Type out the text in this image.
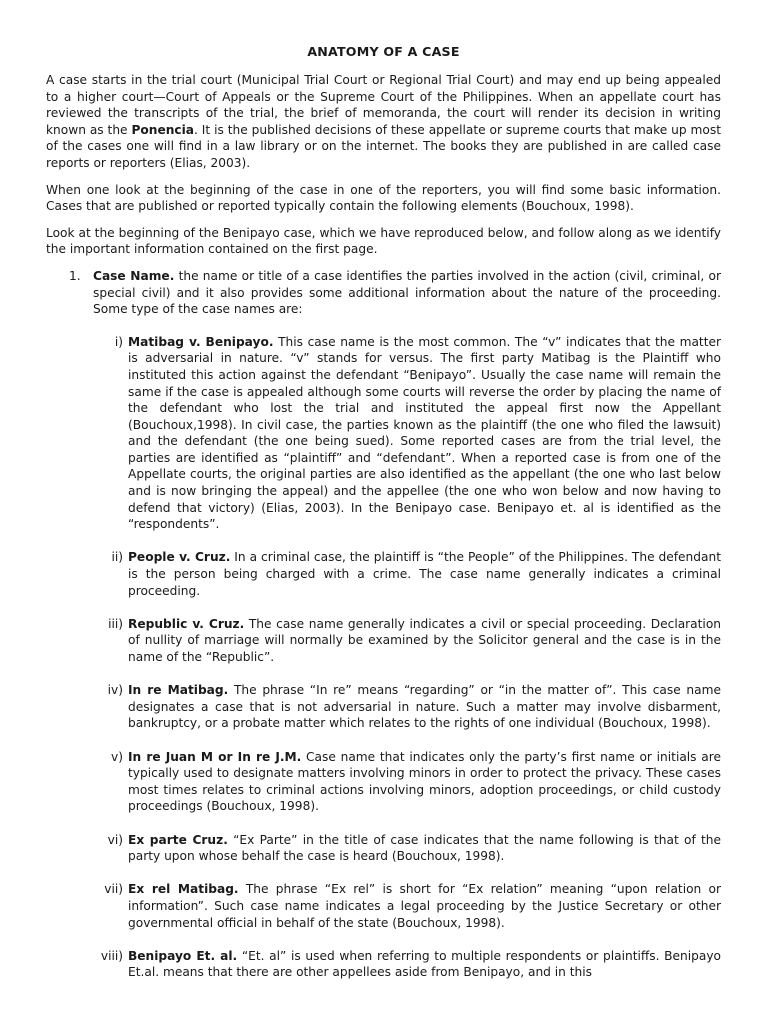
ANATOMY OF A CASE

A case starts in the trial court (Municipal Trial Court or Regional Trial Court) and may end up being appealed to a higher court—Court of Appeals or the Supreme Court of the Philippines. When an appellate court has reviewed the transcripts of the trial, the brief of memoranda, the court will render its decision in writing known as the Ponencia. It is the published decisions of these appellate or supreme courts that make up most of the cases one will find in a law library or on the internet. The books they are published in are called case reports or reporters (Elias, 2003).

When one look at the beginning of the case in one of the reporters, you will find some basic information. Cases that are published or reported typically contain the following elements (Bouchoux, 1998).

Look at the beginning of the Benipayo case, which we have reproduced below, and follow along as we identify the important information contained on the first page.

1. Case Name. the name or title of a case identifies the parties involved in the action (civil, criminal, or special civil) and it also provides some additional information about the nature of the proceeding. Some type of the case names are:
i) Matibag v. Benipayo. This case name is the most common. The “v” indicates that the matter is adversarial in nature. “v” stands for versus. The first party Matibag is the Plaintiff who instituted this action against the defendant “Benipayo”. Usually the case name will remain the same if the case is appealed although some courts will reverse the order by placing the name of the defendant who lost the trial and instituted the appeal first now the Appellant (Bouchoux,1998). In civil case, the parties known as the plaintiff (the one who filed the lawsuit) and the defendant (the one being sued). Some reported cases are from the trial level, the parties are identified as “plaintiff” and “defendant”. When a reported case is from one of the Appellate courts, the original parties are also identified as the appellant (the one who last below and is now bringing the appeal) and the appellee (the one who won below and now having to defend that victory) (Elias, 2003). In the Benipayo case. Benipayo et. al is identified as the “respondents”.
ii) People v. Cruz. In a criminal case, the plaintiff is “the People” of the Philippines. The defendant is the person being charged with a crime. The case name generally indicates a criminal proceeding.
iii) Republic v. Cruz. The case name generally indicates a civil or special proceeding. Declaration of nullity of marriage will normally be examined by the Solicitor general and the case is in the name of the “Republic”.
iv) In re Matibag. The phrase “In re” means “regarding” or “in the matter of”. This case name designates a case that is not adversarial in nature. Such a matter may involve disbarment, bankruptcy, or a probate matter which relates to the rights of one individual (Bouchoux, 1998).
v) In re Juan M or In re J.M. Case name that indicates only the party’s first name or initials are typically used to designate matters involving minors in order to protect the privacy. These cases most times relates to criminal actions involving minors, adoption proceedings, or child custody proceedings (Bouchoux, 1998).
vi) Ex parte Cruz. “Ex Parte” in the title of case indicates that the name following is that of the party upon whose behalf the case is heard (Bouchoux, 1998).
vii) Ex rel Matibag. The phrase “Ex rel” is short for “Ex relation” meaning “upon relation or information”. Such case name indicates a legal proceeding by the Justice Secretary or other governmental official in behalf of the state (Bouchoux, 1998).
viii) Benipayo Et. al. “Et. al” is used when referring to multiple respondents or plaintiffs. Benipayo Et.al. means that there are other appellees aside from Benipayo, and in this
